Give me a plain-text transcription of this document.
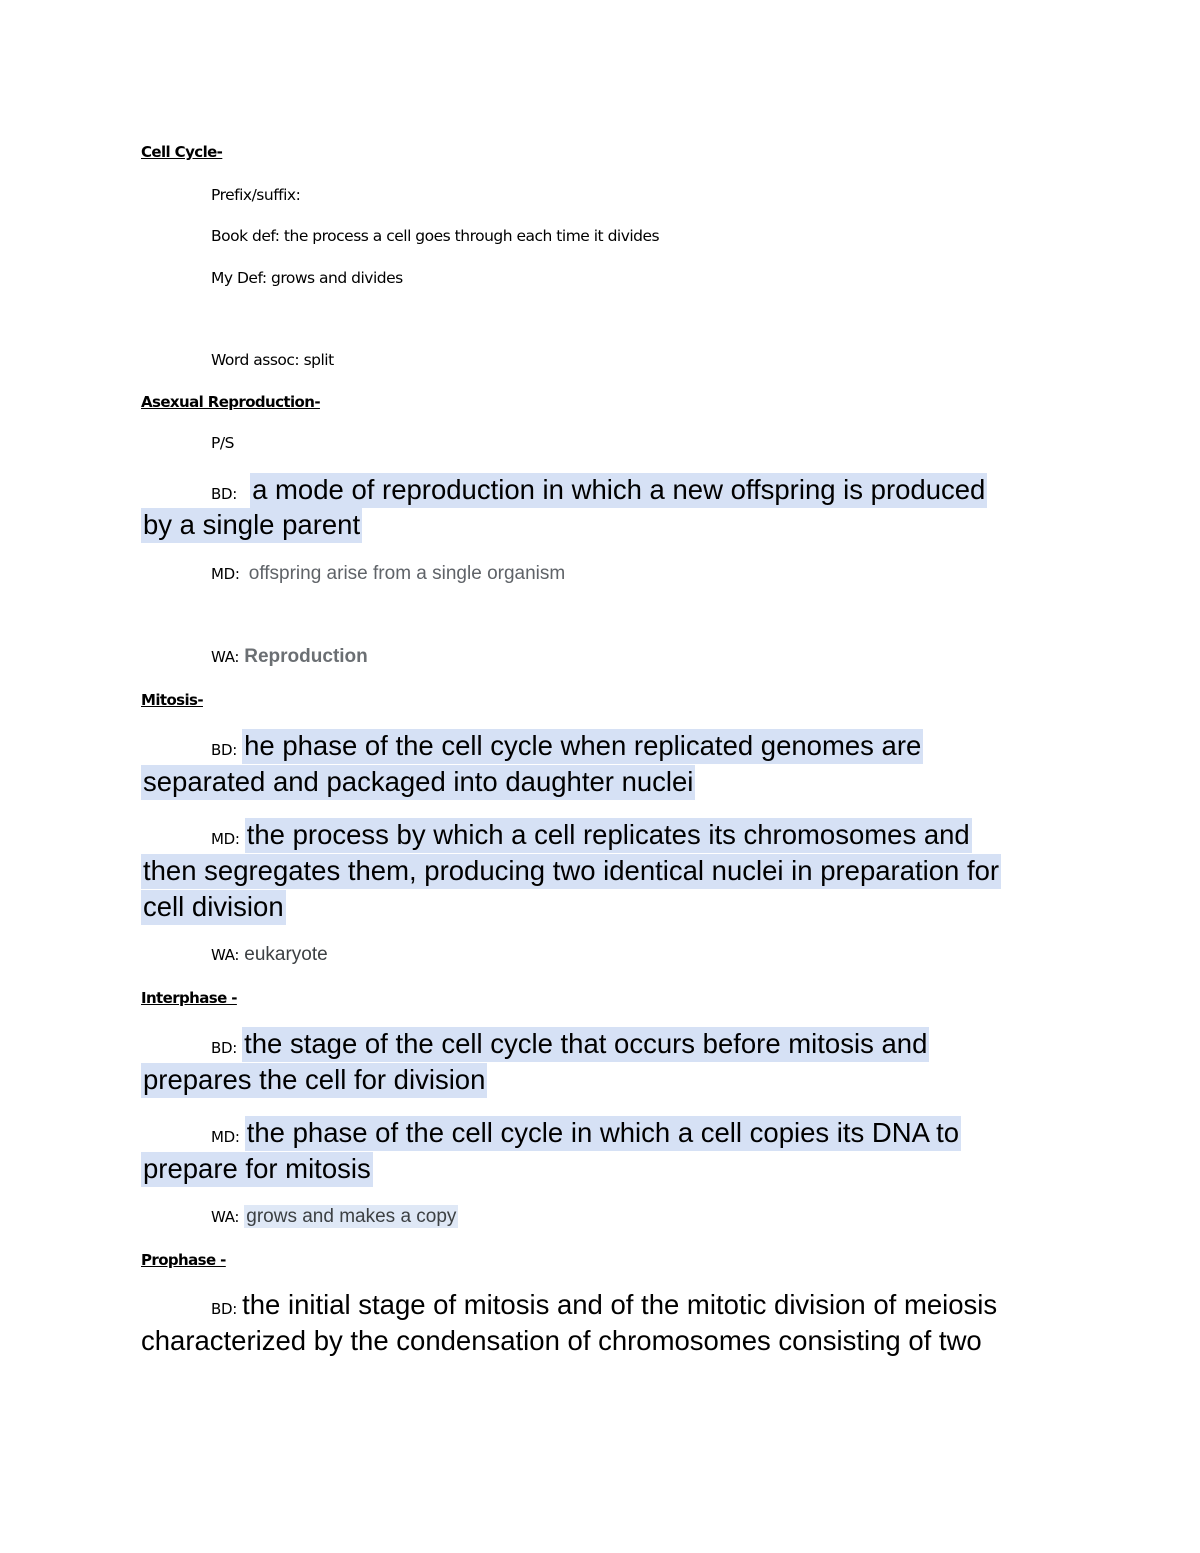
Cell Cycle-
Prefix/suffix:
Book def: the process a cell goes through each time it divides
My Def: grows and divides
Word assoc: split
Asexual Reproduction-
P/S
BD: a mode of reproduction in which a new offspring is produced
by a single parent
MD: offspring arise from a single organism
WA: Reproduction
Mitosis-
BD: he phase of the cell cycle when replicated genomes are
separated and packaged into daughter nuclei
MD: the process by which a cell replicates its chromosomes and
then segregates them, producing two identical nuclei in preparation for
cell division
WA: eukaryote
Interphase -
BD: the stage of the cell cycle that occurs before mitosis and
prepares the cell for division
MD: the phase of the cell cycle in which a cell copies its DNA to
prepare for mitosis
WA: grows and makes a copy
Prophase -
BD: the initial stage of mitosis and of the mitotic division of meiosis
characterized by the condensation of chromosomes consisting of two
